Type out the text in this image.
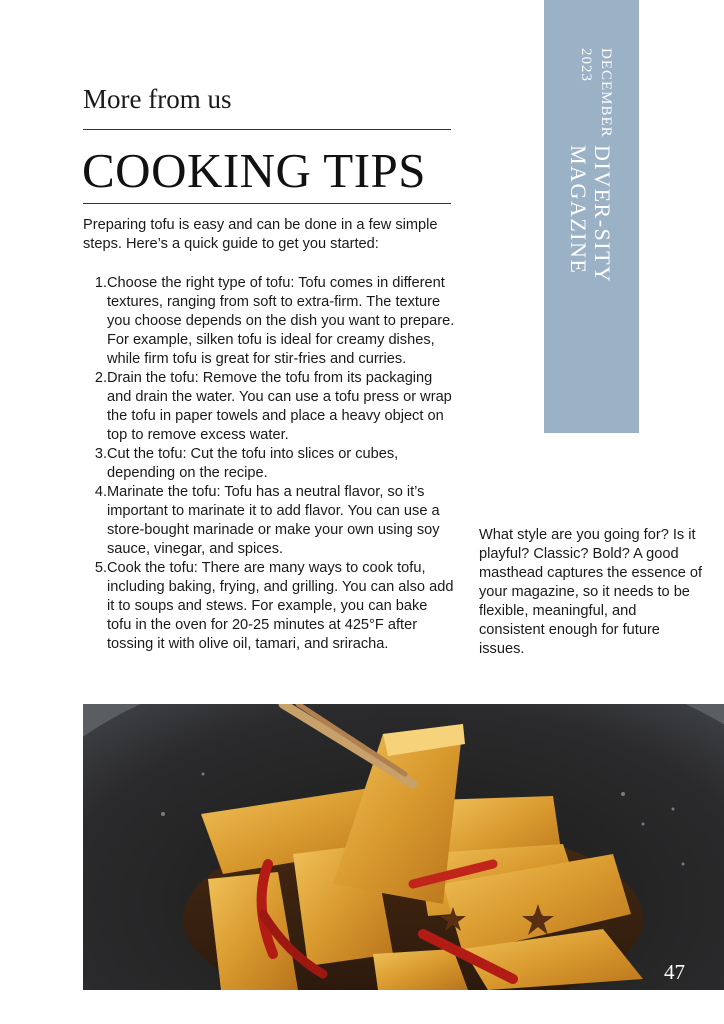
DIVER-SITY MAGAZINE
DECEMBER 2023
More from us
COOKING TIPS

Preparing tofu is easy and can be done in a few simple steps. Here’s a quick guide to get you started:

1. Choose the right type of tofu: Tofu comes in different textures, ranging from soft to extra-firm. The texture you choose depends on the dish you want to prepare. For example, silken tofu is ideal for creamy dishes, while firm tofu is great for stir-fries and curries.
2. Drain the tofu: Remove the tofu from its packaging and drain the water. You can use a tofu press or wrap the tofu in paper towels and place a heavy object on top to remove excess water.
3. Cut the tofu: Cut the tofu into slices or cubes, depending on the recipe.
4. Marinate the tofu: Tofu has a neutral flavor, so it’s important to marinate it to add flavor. You can use a store-bought marinade or make your own using soy sauce, vinegar, and spices.
5. Cook the tofu: There are many ways to cook tofu, including baking, frying, and grilling. You can also add it to soups and stews. For example, you can bake tofu in the oven for 20-25 minutes at 425°F after tossing it with olive oil, tamari, and sriracha.

What style are you going for? Is it playful? Classic? Bold? A good masthead captures the essence of your magazine, so it needs to be flexible, meaningful, and consistent enough for future issues.

47
